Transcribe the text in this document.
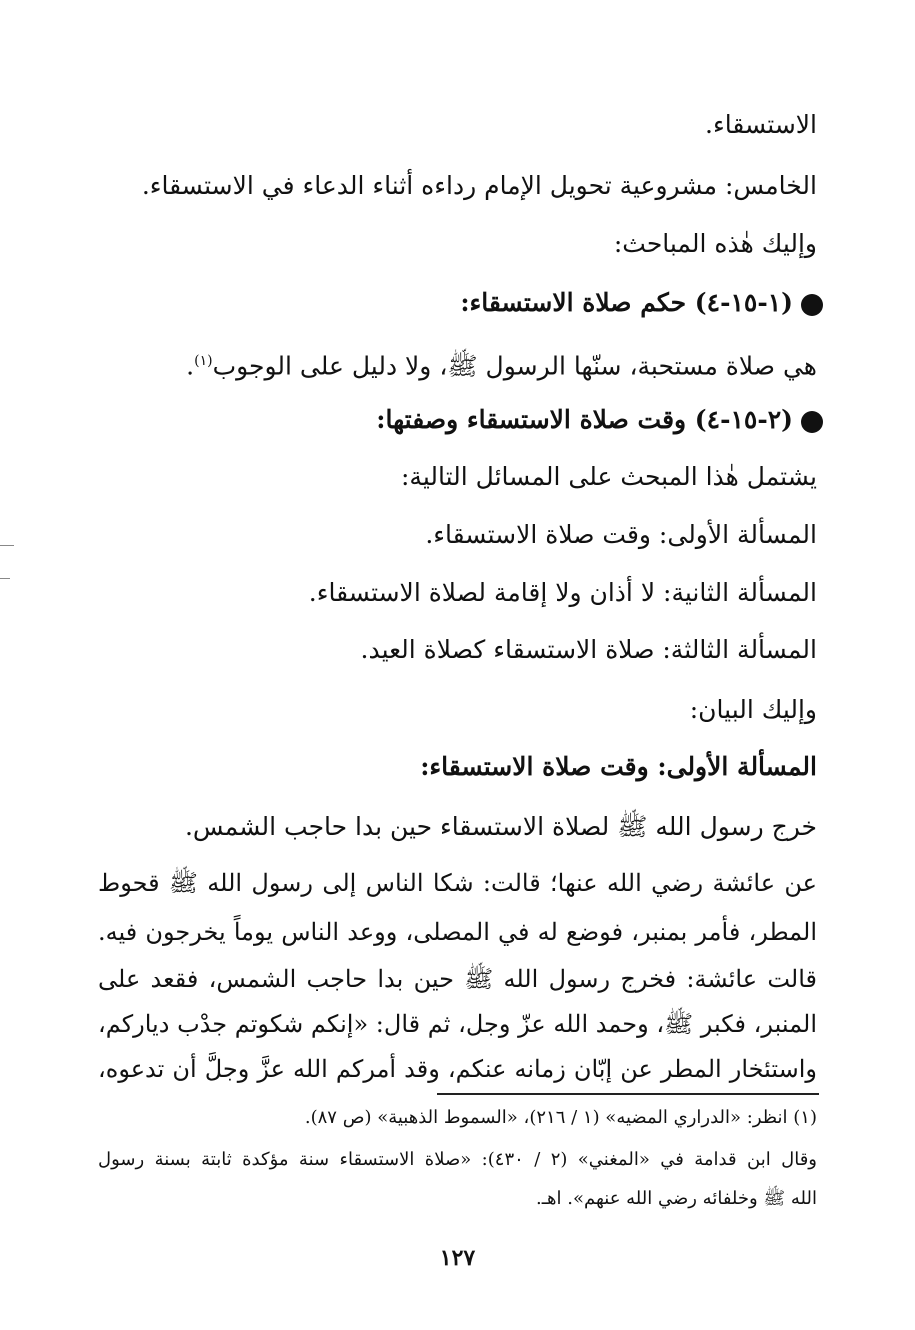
الاستسقاء.
الخامس: مشروعية تحويل الإمام رداءه أثناء الدعاء في الاستسقاء.
وإليك هٰذه المباحث:
(١-١٥-٤) حكم صلاة الاستسقاء:
هي صلاة مستحبة، سنّها الرسول ﷺ، ولا دليل على الوجوب$^{(١)}$.
(٢-١٥-٤) وقت صلاة الاستسقاء وصفتها:
يشتمل هٰذا المبحث على المسائل التالية:
المسألة الأولى: وقت صلاة الاستسقاء.
المسألة الثانية: لا أذان ولا إقامة لصلاة الاستسقاء.
المسألة الثالثة: صلاة الاستسقاء كصلاة العيد.
وإليك البيان:
المسألة الأولى: وقت صلاة الاستسقاء:
خرج رسول الله ﷺ لصلاة الاستسقاء حين بدا حاجب الشمس.
عن عائشة رضي الله عنها؛ قالت: شكا الناس إلى رسول الله ﷺ قحوط
المطر، فأمر بمنبر، فوضع له في المصلى، ووعد الناس يوماً يخرجون فيه.
قالت عائشة: فخرج رسول الله ﷺ حين بدا حاجب الشمس، فقعد على
المنبر، فكبر ﷺ، وحمد الله عزّ وجل، ثم قال: «إنكم شكوتم جدْب دياركم،
واستئخار المطر عن إبّان زمانه عنكم، وقد أمركم الله عزَّ وجلَّ أن تدعوه،
(١) انظر: «الدراري المضيه» (١ / ٢١٦)، «السموط الذهبية» (ص ٨٧).
وقال ابن قدامة في «المغني» (٢ / ٤٣٠): «صلاة الاستسقاء سنة مؤكدة ثابتة بسنة رسول
الله ﷺ وخلفائه رضي الله عنهم». اهـ.
١٢٧
